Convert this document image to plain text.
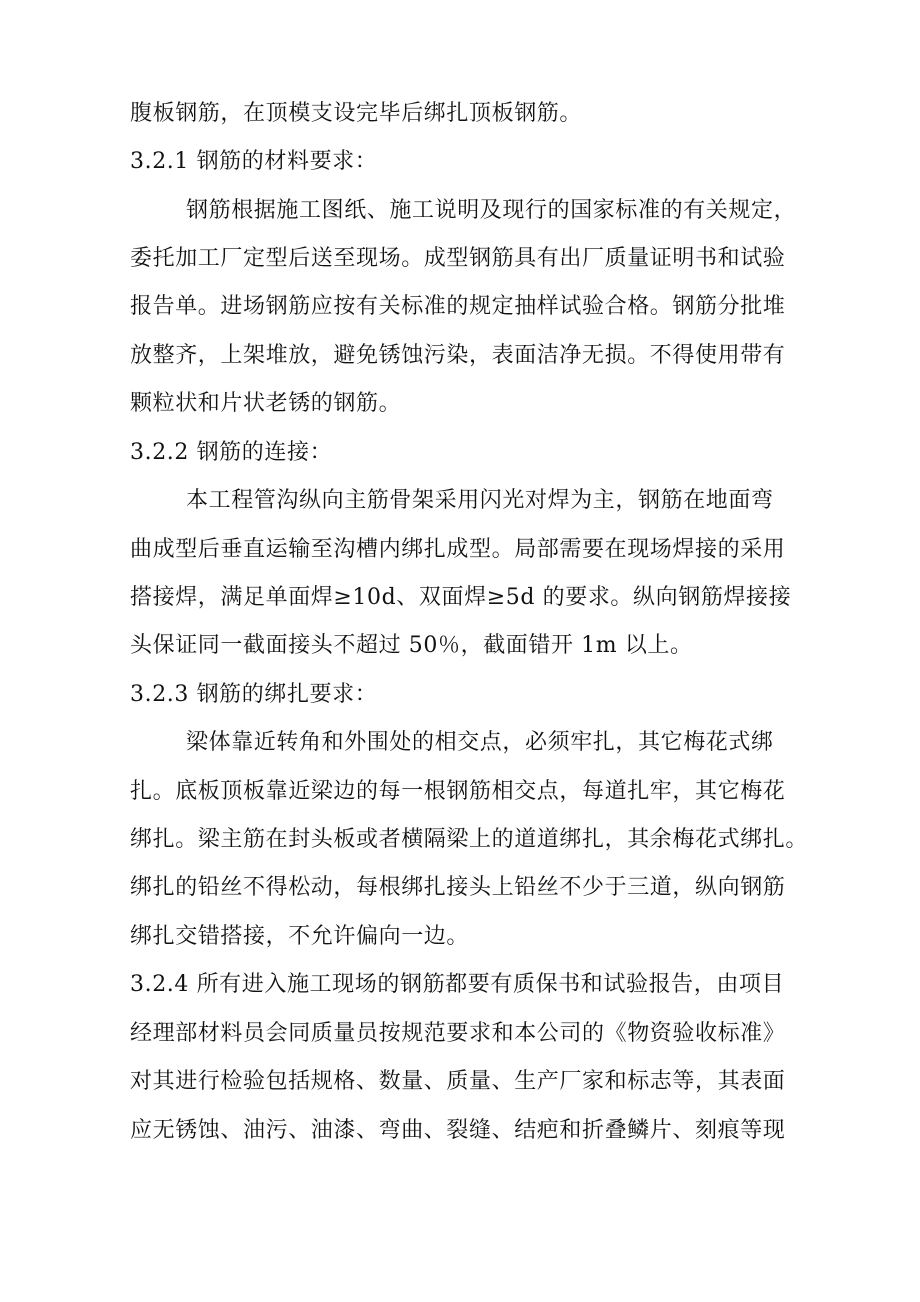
腹板钢筋，在顶模支设完毕后绑扎顶板钢筋。
3.2.1 钢筋的材料要求：
钢筋根据施工图纸、施工说明及现行的国家标准的有关规定，
委托加工厂定型后送至现场。成型钢筋具有出厂质量证明书和试验
报告单。进场钢筋应按有关标准的规定抽样试验合格。钢筋分批堆
放整齐，上架堆放，避免锈蚀污染，表面洁净无损。不得使用带有
颗粒状和片状老锈的钢筋。
3.2.2 钢筋的连接：
本工程管沟纵向主筋骨架采用闪光对焊为主，钢筋在地面弯
曲成型后垂直运输至沟槽内绑扎成型。局部需要在现场焊接的采用
搭接焊，满足单面焊≥10d、双面焊≥5d 的要求。纵向钢筋焊接接
头保证同一截面接头不超过 50％，截面错开 1m 以上。
3.2.3 钢筋的绑扎要求：
梁体靠近转角和外围处的相交点，必须牢扎，其它梅花式绑
扎。底板顶板靠近梁边的每一根钢筋相交点，每道扎牢，其它梅花
绑扎。梁主筋在封头板或者横隔梁上的道道绑扎，其余梅花式绑扎。
绑扎的铅丝不得松动，每根绑扎接头上铅丝不少于三道，纵向钢筋
绑扎交错搭接，不允许偏向一边。
3.2.4 所有进入施工现场的钢筋都要有质保书和试验报告，由项目
经理部材料员会同质量员按规范要求和本公司的《物资验收标准》
对其进行检验包括规格、数量、质量、生产厂家和标志等，其表面
应无锈蚀、油污、油漆、弯曲、裂缝、结疤和折叠鳞片、刻痕等现
